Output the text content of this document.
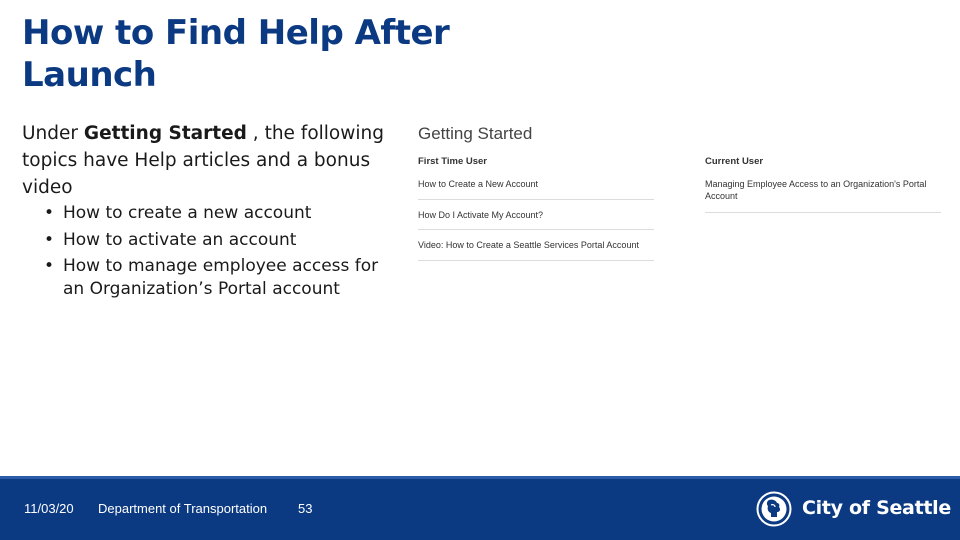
How to Find Help After
Launch
Under Getting Started , the following topics have Help articles and a bonus video
• How to create a new account
• How to activate an account
• How to manage employee access for an Organization’s Portal account
Getting Started
First Time User
How to Create a New Account
How Do I Activate My Account?
Video: How to Create a Seattle Services Portal Account
Current User
Managing Employee Access to an Organization's Portal Account
11/03/20 Department of Transportation 53	City of Seattle
